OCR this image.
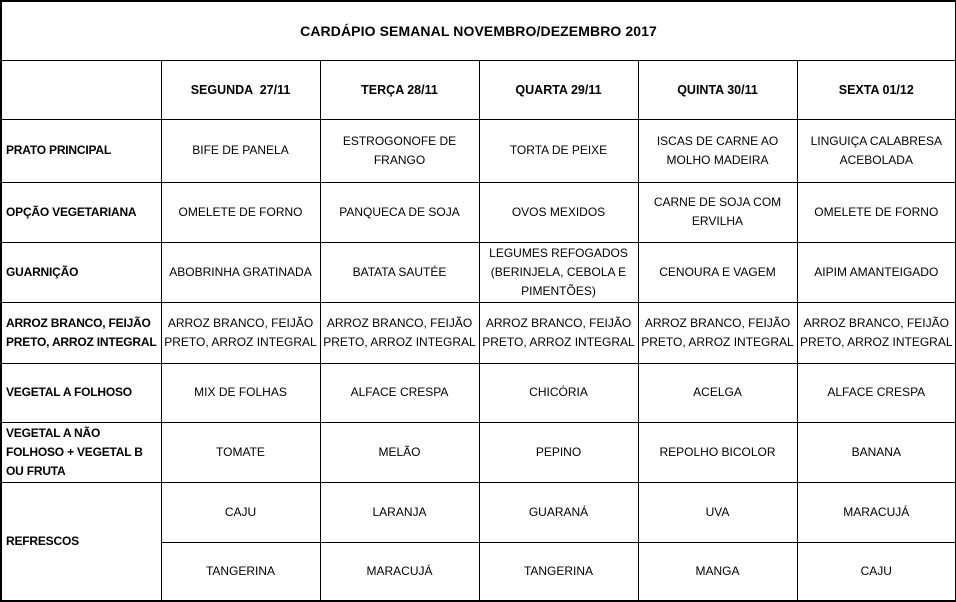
CARDÁPIO SEMANAL NOVEMBRO/DEZEMBRO 2017					
	SEGUNDA  27/11	TERÇA 28/11	QUARTA 29/11	QUINTA 30/11	SEXTA 01/12
PRATO PRINCIPAL	BIFE DE PANELA	ESTROGONOFE DE FRANGO	TORTA DE PEIXE	ISCAS DE CARNE AO MOLHO MADEIRA	LINGUIÇA CALABRESA ACEBOLADA
OPÇÃO VEGETARIANA	OMELETE DE FORNO	PANQUECA DE SOJA	OVOS MEXIDOS	CARNE DE SOJA COM ERVILHA	OMELETE DE FORNO
GUARNIÇÃO	ABOBRINHA GRATINADA	BATATA SAUTÉE	LEGUMES REFOGADOS (BERINJELA, CEBOLA E PIMENTÕES)	CENOURA E VAGEM	AIPIM AMANTEIGADO
ARROZ BRANCO, FEIJÃO PRETO, ARROZ INTEGRAL	ARROZ BRANCO, FEIJÃO PRETO, ARROZ INTEGRAL	ARROZ BRANCO, FEIJÃO PRETO, ARROZ INTEGRAL	ARROZ BRANCO, FEIJÃO PRETO, ARROZ INTEGRAL	ARROZ BRANCO, FEIJÃO PRETO, ARROZ INTEGRAL	ARROZ BRANCO, FEIJÃO PRETO, ARROZ INTEGRAL
VEGETAL A FOLHOSO	MIX DE FOLHAS	ALFACE CRESPA	CHICÓRIA	ACELGA	ALFACE CRESPA
VEGETAL A NÃO FOLHOSO + VEGETAL B OU FRUTA	TOMATE	MELÃO	PEPINO	REPOLHO BICOLOR	BANANA
REFRESCOS	CAJU	LARANJA	GUARANÁ	UVA	MARACUJÁ
	TANGERINA	MARACUJÁ	TANGERINA	MANGA	CAJU
